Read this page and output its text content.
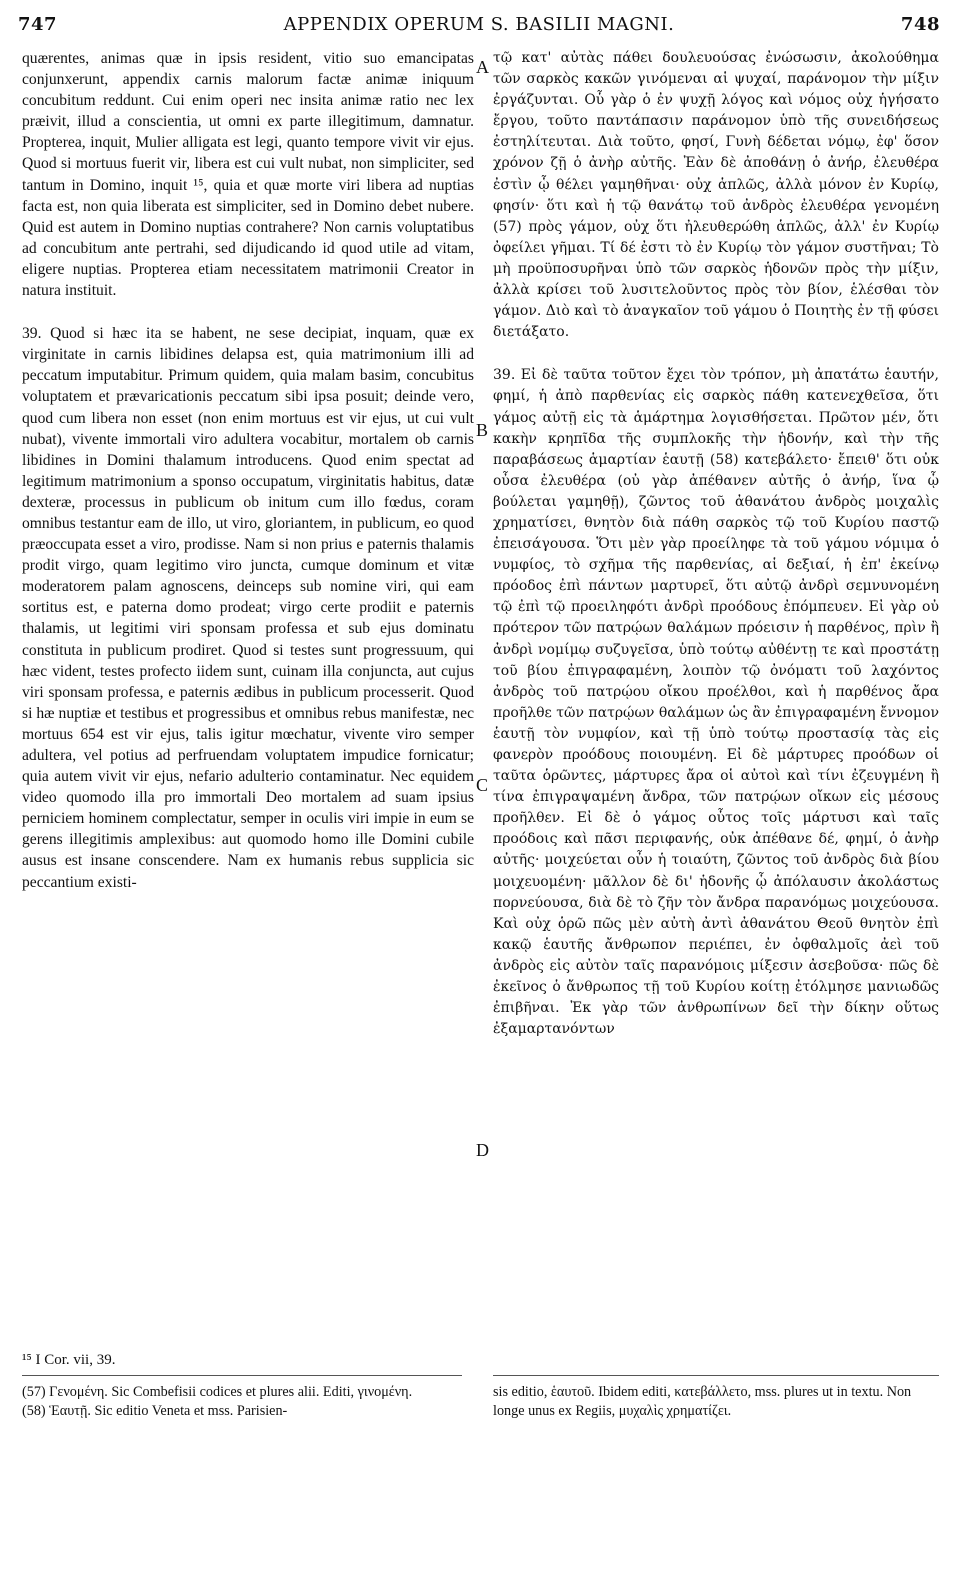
747	APPENDIX OPERUM S. BASILII MAGNI.	748

quærentes, animas quæ in ipsis resident, vitio suo emancipatas conjunxerunt, appendix carnis malorum factæ animæ iniquum concubitum reddunt. Cui enim operi nec insita animæ ratio nec lex præivit, illud a conscientia, ut omni ex parte illegitimum, damnatur. Propterea, inquit, Mulier alligata est legi, quanto tempore vivit vir ejus. Quod si mortuus fuerit vir, libera est cui vult nubat, non simpliciter, sed tantum in Domino, inquit ¹⁵, quia et quæ morte viri libera ad nuptias facta est, non quia liberata est simpliciter, sed in Domino debet nubere. Quid est autem in Domino nuptias contrahere? Non carnis voluptatibus ad concubitum ante pertrahi, sed dijudicando id quod utile ad vitam, eligere nuptias. Propterea etiam necessitatem matrimonii Creator in natura instituit.

39. Quod si hæc ita se habent, ne sese decipiat, inquam, quæ ex virginitate in carnis libidines delapsa est, quia matrimonium illi ad peccatum imputabitur. Primum quidem, quia malam basim, concubitus voluptatem et prævaricationis peccatum sibi ipsa posuit; deinde vero, quod cum libera non esset (non enim mortuus est vir ejus, ut cui vult nubat), vivente immortali viro adultera vocabitur, mortalem ob carnis libidines in Domini thalamum introducens. Quod enim spectat ad legitimum matrimonium a sponso occupatum, virginitatis habitus, datæ dexteræ, processus in publicum ob initum cum illo fœdus, coram omnibus testantur eam de illo, ut viro, gloriantem, in publicum, eo quod præoccupata esset a viro, prodisse. Nam si non prius e paternis thalamis prodit virgo, quam legitimo viro juncta, cumque dominum et vitæ moderatorem palam agnoscens, deinceps sub nomine viri, qui eam sortitus est, e paterna domo prodeat; virgo certe prodiit e paternis thalamis, ut legitimi viri sponsam professa et sub ejus dominatu constituta in publicum prodiret. Quod si testes sunt progressuum, qui hæc vident, testes profecto iidem sunt, cuinam illa conjuncta, aut cujus viri sponsam professa, e paternis ædibus in publicum processerit. Quod si hæ nuptiæ et testibus et progressibus et omnibus rebus manifestæ, nec mortuus 654 est vir ejus, talis igitur mœchatur, vivente viro semper adultera, vel potius ad perfruendam voluptatem impudice fornicatur; quia autem vivit vir ejus, nefario adulterio contaminatur. Nec equidem video quomodo illa pro immortali Deo mortalem ad suam ipsius perniciem hominem complectatur, semper in oculis viri impie in eum se gerens illegitimis amplexibus: aut quomodo homo ille Domini cubile ausus est insane conscendere. Nam ex humanis rebus supplicia sic peccantium existi-

τῷ κατ' αὐτὰς πάθει δουλευούσας ἐνώσωσιν, ἀκολούθημα τῶν σαρκὸς κακῶν γινόμεναι αἱ ψυχαί, παράνομον τὴν μίξιν ἐργάζυνται. Οὗ γὰρ ὁ ἐν ψυχῇ λόγος καὶ νόμος οὐχ ἡγήσατο ἔργου, τοῦτο παντάπασιν παράνομον ὑπὸ τῆς συνειδήσεως ἐστηλίτευται. Διὰ τοῦτο, φησί, Γυνὴ δέδεται νόμῳ, ἐφ' ὅσον χρόνον ζῇ ὁ ἀνὴρ αὐτῆς. Ἐὰν δὲ ἀποθάνῃ ὁ ἀνήρ, ἐλευθέρα ἐστὶν ᾧ θέλει γαμηθῆναι· οὐχ ἁπλῶς, ἀλλὰ μόνον ἐν Κυρίῳ, φησίν· ὅτι καὶ ἡ τῷ θανάτῳ τοῦ ἀνδρὸς ἐλευθέρα γενομένη (57) πρὸς γάμον, οὐχ ὅτι ἠλευθερώθη ἁπλῶς, ἀλλ' ἐν Κυρίῳ ὀφείλει γῆμαι. Τί δέ ἐστι τὸ ἐν Κυρίῳ τὸν γάμον συστῆναι; Τὸ μὴ προϋποσυρῆναι ὑπὸ τῶν σαρκὸς ἡδονῶν πρὸς τὴν μίξιν, ἀλλὰ κρίσει τοῦ λυσιτελοῦντος πρὸς τὸν βίον, ἑλέσθαι τὸν γάμον. Διὸ καὶ τὸ ἀναγκαῖον τοῦ γάμου ὁ Ποιητὴς ἐν τῇ φύσει διετάξατο.

39. Εἰ δὲ ταῦτα τοῦτον ἔχει τὸν τρόπον, μὴ ἀπατάτω ἑαυτήν, φημί, ἡ ἀπὸ παρθενίας εἰς σαρκὸς πάθη κατενεχθεῖσα, ὅτι γάμος αὐτῇ εἰς τὰ ἁμάρτημα λογισθήσεται. Πρῶτον μέν, ὅτι κακὴν κρηπῖδα τῆς συμπλοκῆς τὴν ἡδονήν, καὶ τὴν τῆς παραβάσεως ἁμαρτίαν ἑαυτῇ (58) κατεβάλετο· ἔπειθ' ὅτι οὐκ οὖσα ἐλευθέρα (οὐ γὰρ ἀπέθανεν αὐτῆς ὁ ἀνήρ, ἵνα ᾧ βούλεται γαμηθῇ), ζῶντος τοῦ ἀθανάτου ἀνδρὸς μοιχαλὶς χρηματίσει, θνητὸν διὰ πάθη σαρκὸς τῷ τοῦ Κυρίου παστῷ ἐπεισάγουσα. Ὅτι μὲν γὰρ προείληφε τὰ τοῦ γάμου νόμιμα ὁ νυμφίος, τὸ σχῆμα τῆς παρθενίας, αἱ δεξιαί, ἡ ἐπ' ἐκείνῳ πρόοδος ἐπὶ πάντων μαρτυρεῖ, ὅτι αὐτῷ ἀνδρὶ σεμνυνομένη τῷ ἐπὶ τῷ προειληφότι ἀνδρὶ προόδους ἐπόμπευεν. Εἰ γὰρ οὐ πρότερον τῶν πατρῴων θαλάμων πρόεισιν ἡ παρθένος, πρὶν ἢ ἀνδρὶ νομίμῳ συζυγεῖσα, ὑπὸ τούτῳ αὐθέντῃ τε καὶ προστάτῃ τοῦ βίου ἐπιγραφαμένη, λοιπὸν τῷ ὀνόματι τοῦ λαχόντος ἀνδρὸς τοῦ πατρῴου οἴκου προέλθοι, καὶ ἡ παρθένος ἄρα προῆλθε τῶν πατρῴων θαλάμων ὡς ἂν ἐπιγραφαμένη ἔννομον ἑαυτῇ τὸν νυμφίον, καὶ τῇ ὑπὸ τούτῳ προστασίᾳ τὰς εἰς φανερὸν προόδους ποιουμένη. Εἰ δὲ μάρτυρες προόδων οἱ ταῦτα ὁρῶντες, μάρτυρες ἄρα οἱ αὐτοὶ καὶ τίνι ἐζευγμένη ἢ τίνα ἐπιγραψαμένη ἄνδρα, τῶν πατρῴων οἴκων εἰς μέσους προῆλθεν. Εἰ δὲ ὁ γάμος οὗτος τοῖς μάρτυσι καὶ ταῖς προόδοις καὶ πᾶσι περιφανής, οὐκ ἀπέθανε δέ, φημί, ὁ ἀνὴρ αὐτῆς· μοιχεύεται οὖν ἡ τοιαύτη, ζῶντος τοῦ ἀνδρὸς διὰ βίου μοιχευομένη· μᾶλλον δὲ δι' ἡδονῆς ᾧ ἀπόλαυσιν ἀκολάστως πορνεύουσα, διὰ δὲ τὸ ζῆν τὸν ἄνδρα παρανόμως μοιχεύουσα. Καὶ οὐχ ὁρῶ πῶς μὲν αὐτὴ ἀντὶ ἀθανάτου Θεοῦ θνητὸν ἐπὶ κακῷ ἑαυτῆς ἄνθρωπον περιέπει, ἐν ὀφθαλμοῖς ἀεὶ τοῦ ἀνδρὸς εἰς αὐτὸν ταῖς παρανόμοις μίξεσιν ἀσεβοῦσα· πῶς δὲ ἐκεῖνος ὁ ἄνθρωπος τῇ τοῦ Κυρίου κοίτῃ ἐτόλμησε μανιωδῶς ἐπιβῆναι. Ἐκ γὰρ τῶν ἀνθρωπίνων δεῖ τὴν δίκην οὕτως ἐξαμαρτανόντων

A
B
C
D
¹⁵ I Cor. vii, 39.

(57) Γενομένη. Sic Combefisii codices et plures alii. Editi, γινομένη.
(58) Ἑαυτῇ. Sic editio Veneta et mss. Parisien-

sis editio, ἑαυτοῦ. Ibidem editi, κατεβάλλετο, mss. plures ut in textu. Non longe unus ex Regiis, μυχαλὶς χρηματίζει.
